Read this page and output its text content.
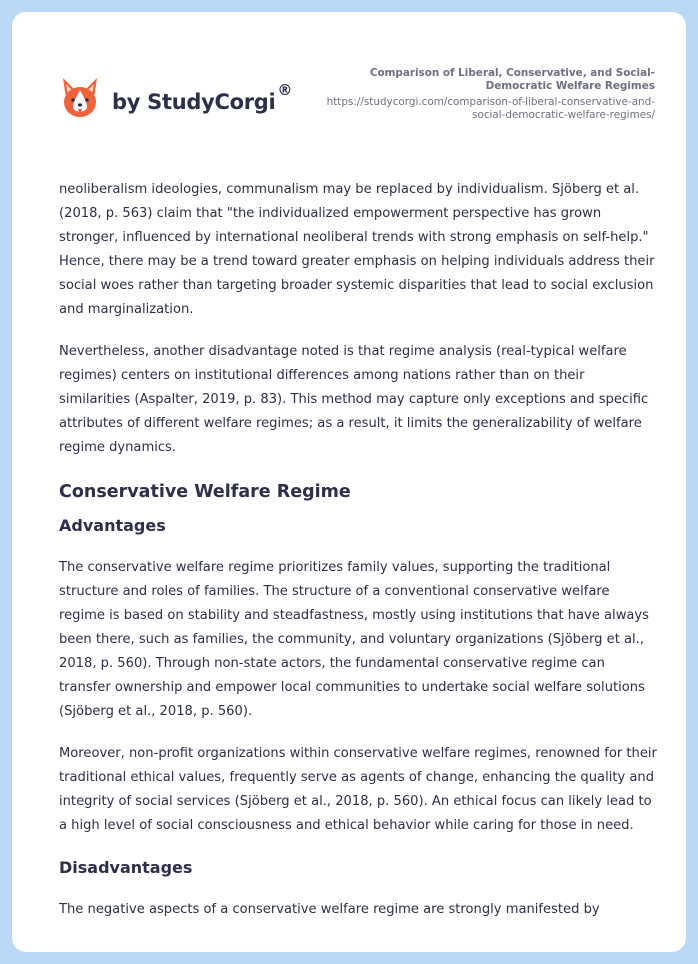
by StudyCorgi ®
Comparison of Liberal, Conservative, and Social-Democratic Welfare Regimes
https://studycorgi.com/comparison-of-liberal-conservative-and-social-democratic-welfare-regimes/

neoliberalism ideologies, communalism may be replaced by individualism. Sjöberg et al. (2018, p. 563) claim that "the individualized empowerment perspective has grown stronger, influenced by international neoliberal trends with strong emphasis on self-help." Hence, there may be a trend toward greater emphasis on helping individuals address their social woes rather than targeting broader systemic disparities that lead to social exclusion and marginalization.

Nevertheless, another disadvantage noted is that regime analysis (real-typical welfare regimes) centers on institutional differences among nations rather than on their similarities (Aspalter, 2019, p. 83). This method may capture only exceptions and specific attributes of different welfare regimes; as a result, it limits the generalizability of welfare regime dynamics.

Conservative Welfare Regime
Advantages

The conservative welfare regime prioritizes family values, supporting the traditional structure and roles of families. The structure of a conventional conservative welfare regime is based on stability and steadfastness, mostly using institutions that have always been there, such as families, the community, and voluntary organizations (Sjöberg et al., 2018, p. 560). Through non-state actors, the fundamental conservative regime can transfer ownership and empower local communities to undertake social welfare solutions (Sjöberg et al., 2018, p. 560).

Moreover, non-profit organizations within conservative welfare regimes, renowned for their traditional ethical values, frequently serve as agents of change, enhancing the quality and integrity of social services (Sjöberg et al., 2018, p. 560). An ethical focus can likely lead to a high level of social consciousness and ethical behavior while caring for those in need.

Disadvantages

The negative aspects of a conservative welfare regime are strongly manifested by
